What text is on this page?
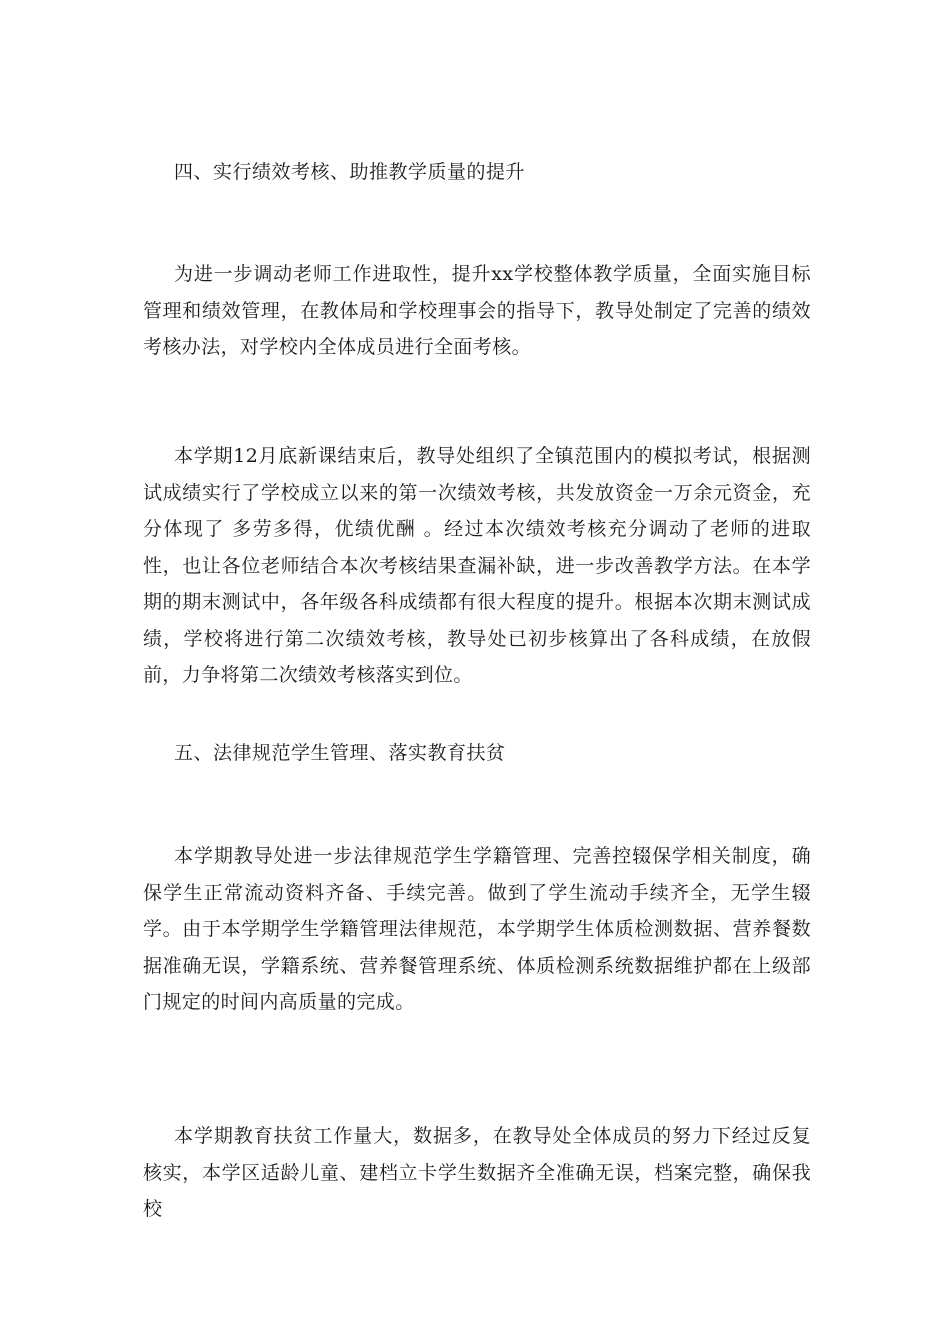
四、实行绩效考核、助推教学质量的提升

为进一步调动老师工作进取性，提升xx学校整体教学质量，全面实施目标管理和绩效管理，在教体局和学校理事会的指导下，教导处制定了完善的绩效考核办法，对学校内全体成员进行全面考核。

本学期12月底新课结束后，教导处组织了全镇范围内的模拟考试，根据测试成绩实行了学校成立以来的第一次绩效考核，共发放资金一万余元资金，充分体现了 多劳多得，优绩优酬 。经过本次绩效考核充分调动了老师的进取性，也让各位老师结合本次考核结果查漏补缺，进一步改善教学方法。在本学期的期末测试中，各年级各科成绩都有很大程度的提升。根据本次期末测试成绩，学校将进行第二次绩效考核，教导处已初步核算出了各科成绩，在放假前，力争将第二次绩效考核落实到位。

五、法律规范学生管理、落实教育扶贫

本学期教导处进一步法律规范学生学籍管理、完善控辍保学相关制度，确保学生正常流动资料齐备、手续完善。做到了学生流动手续齐全，无学生辍学。由于本学期学生学籍管理法律规范，本学期学生体质检测数据、营养餐数据准确无误，学籍系统、营养餐管理系统、体质检测系统数据维护都在上级部门规定的时间内高质量的完成。

本学期教育扶贫工作量大，数据多，在教导处全体成员的努力下经过反复核实，本学区适龄儿童、建档立卡学生数据齐全准确无误，档案完整，确保我校
